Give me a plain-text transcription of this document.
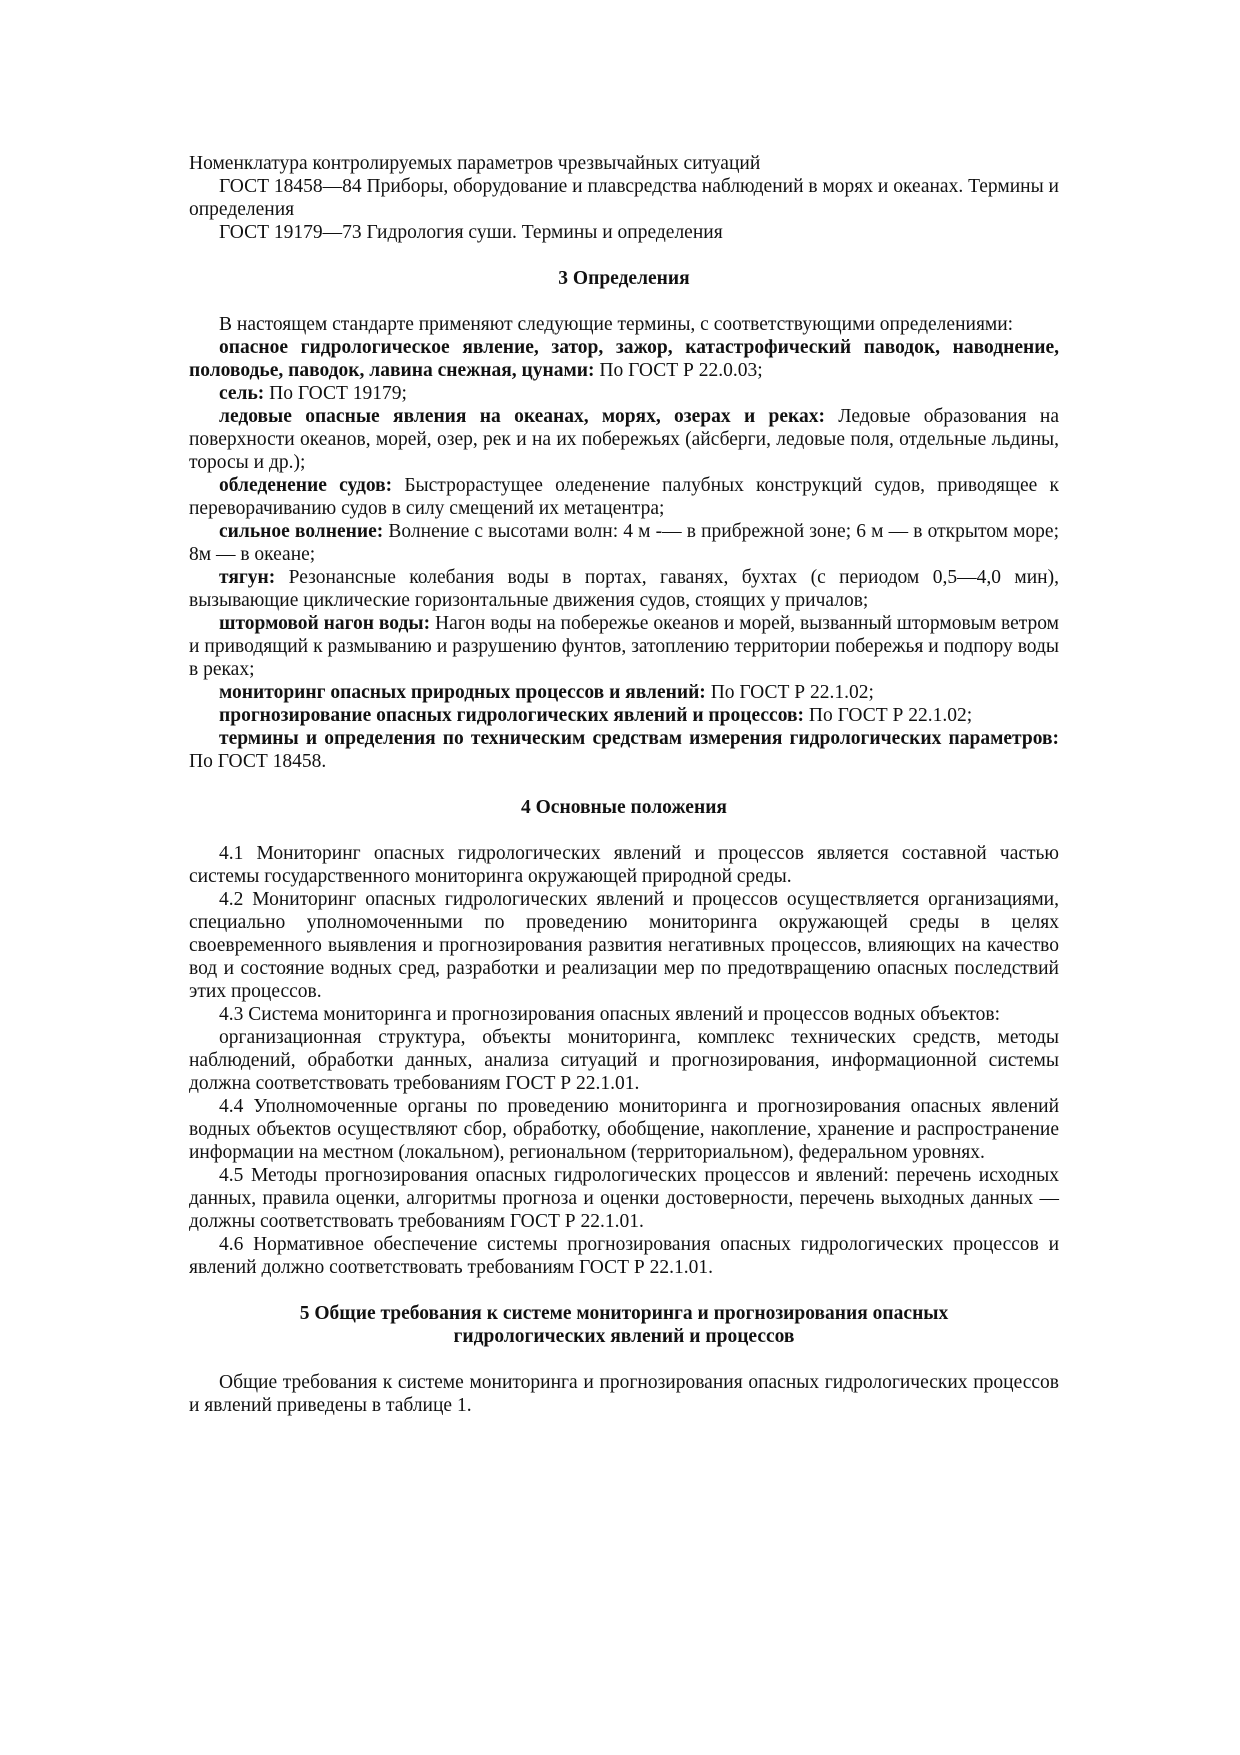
Номенклатура контролируемых параметров чрезвычайных ситуаций

ГОСТ 18458—84 Приборы, оборудование и плавсредства наблюдений в морях и океанах. Термины и определения

ГОСТ 19179—73 Гидрология суши. Термины и определения

3 Определения

В настоящем стандарте применяют следующие термины, с соответствующими определениями:

опасное гидрологическое явление, затор, зажор, катастрофический паводок, наводнение, половодье, паводок, лавина снежная, цунами: По ГОСТ Р 22.0.03;

сель: По ГОСТ 19179;

ледовые опасные явления на океанах, морях, озерах и реках: Ледовые образования на поверхности океанов, морей, озер, рек и на их побережьях (айсберги, ледовые поля, отдельные льдины, торосы и др.);

обледенение судов: Быстрорастущее оледенение палубных конструкций судов, приводящее к переворачиванию судов в силу смещений их метацентра;

сильное волнение: Волнение с высотами волн: 4 м -— в прибрежной зоне; 6 м — в открытом море; 8м — в океане;

тягун: Резонансные колебания воды в портах, гаванях, бухтах (с периодом 0,5—4,0 мин), вызывающие циклические горизонтальные движения судов, стоящих у причалов;

штормовой нагон воды: Нагон воды на побережье океанов и морей, вызванный штормовым ветром и приводящий к размыванию и разрушению фунтов, затоплению территории побережья и подпору воды в реках;

мониторинг опасных природных процессов и явлений: По ГОСТ Р 22.1.02;

прогнозирование опасных гидрологических явлений и процессов: По ГОСТ Р 22.1.02;

термины и определения по техническим средствам измерения гидрологических параметров: По ГОСТ 18458.

4 Основные положения

4.1 Мониторинг опасных гидрологических явлений и процессов является составной частью системы государственного мониторинга окружающей природной среды.

4.2 Мониторинг опасных гидрологических явлений и процессов осуществляется организациями, специально уполномоченными по проведению мониторинга окружающей среды в целях своевременного выявления и прогнозирования развития негативных процессов, влияющих на качество вод и состояние водных сред, разработки и реализации мер по предотвращению опасных последствий этих процессов.

4.3 Система мониторинга и прогнозирования опасных явлений и процессов водных объектов:

организационная структура, объекты мониторинга, комплекс технических средств, методы наблюдений, обработки данных, анализа ситуаций и прогнозирования, информационной системы должна соответствовать требованиям ГОСТ Р 22.1.01.

4.4 Уполномоченные органы по проведению мониторинга и прогнозирования опасных явлений водных объектов осуществляют сбор, обработку, обобщение, накопление, хранение и распространение информации на местном (локальном), региональном (территориальном), федеральном уровнях.

4.5 Методы прогнозирования опасных гидрологических процессов и явлений: перечень исходных данных, правила оценки, алгоритмы прогноза и оценки достоверности, перечень выходных данных — должны соответствовать требованиям ГОСТ Р 22.1.01.

4.6 Нормативное обеспечение системы прогнозирования опасных гидрологических процессов и явлений должно соответствовать требованиям ГОСТ Р 22.1.01.

5 Общие требования к системе мониторинга и прогнозирования опасных
гидрологических явлений и процессов

Общие требования к системе мониторинга и прогнозирования опасных гидрологических процессов и явлений приведены в таблице 1.
